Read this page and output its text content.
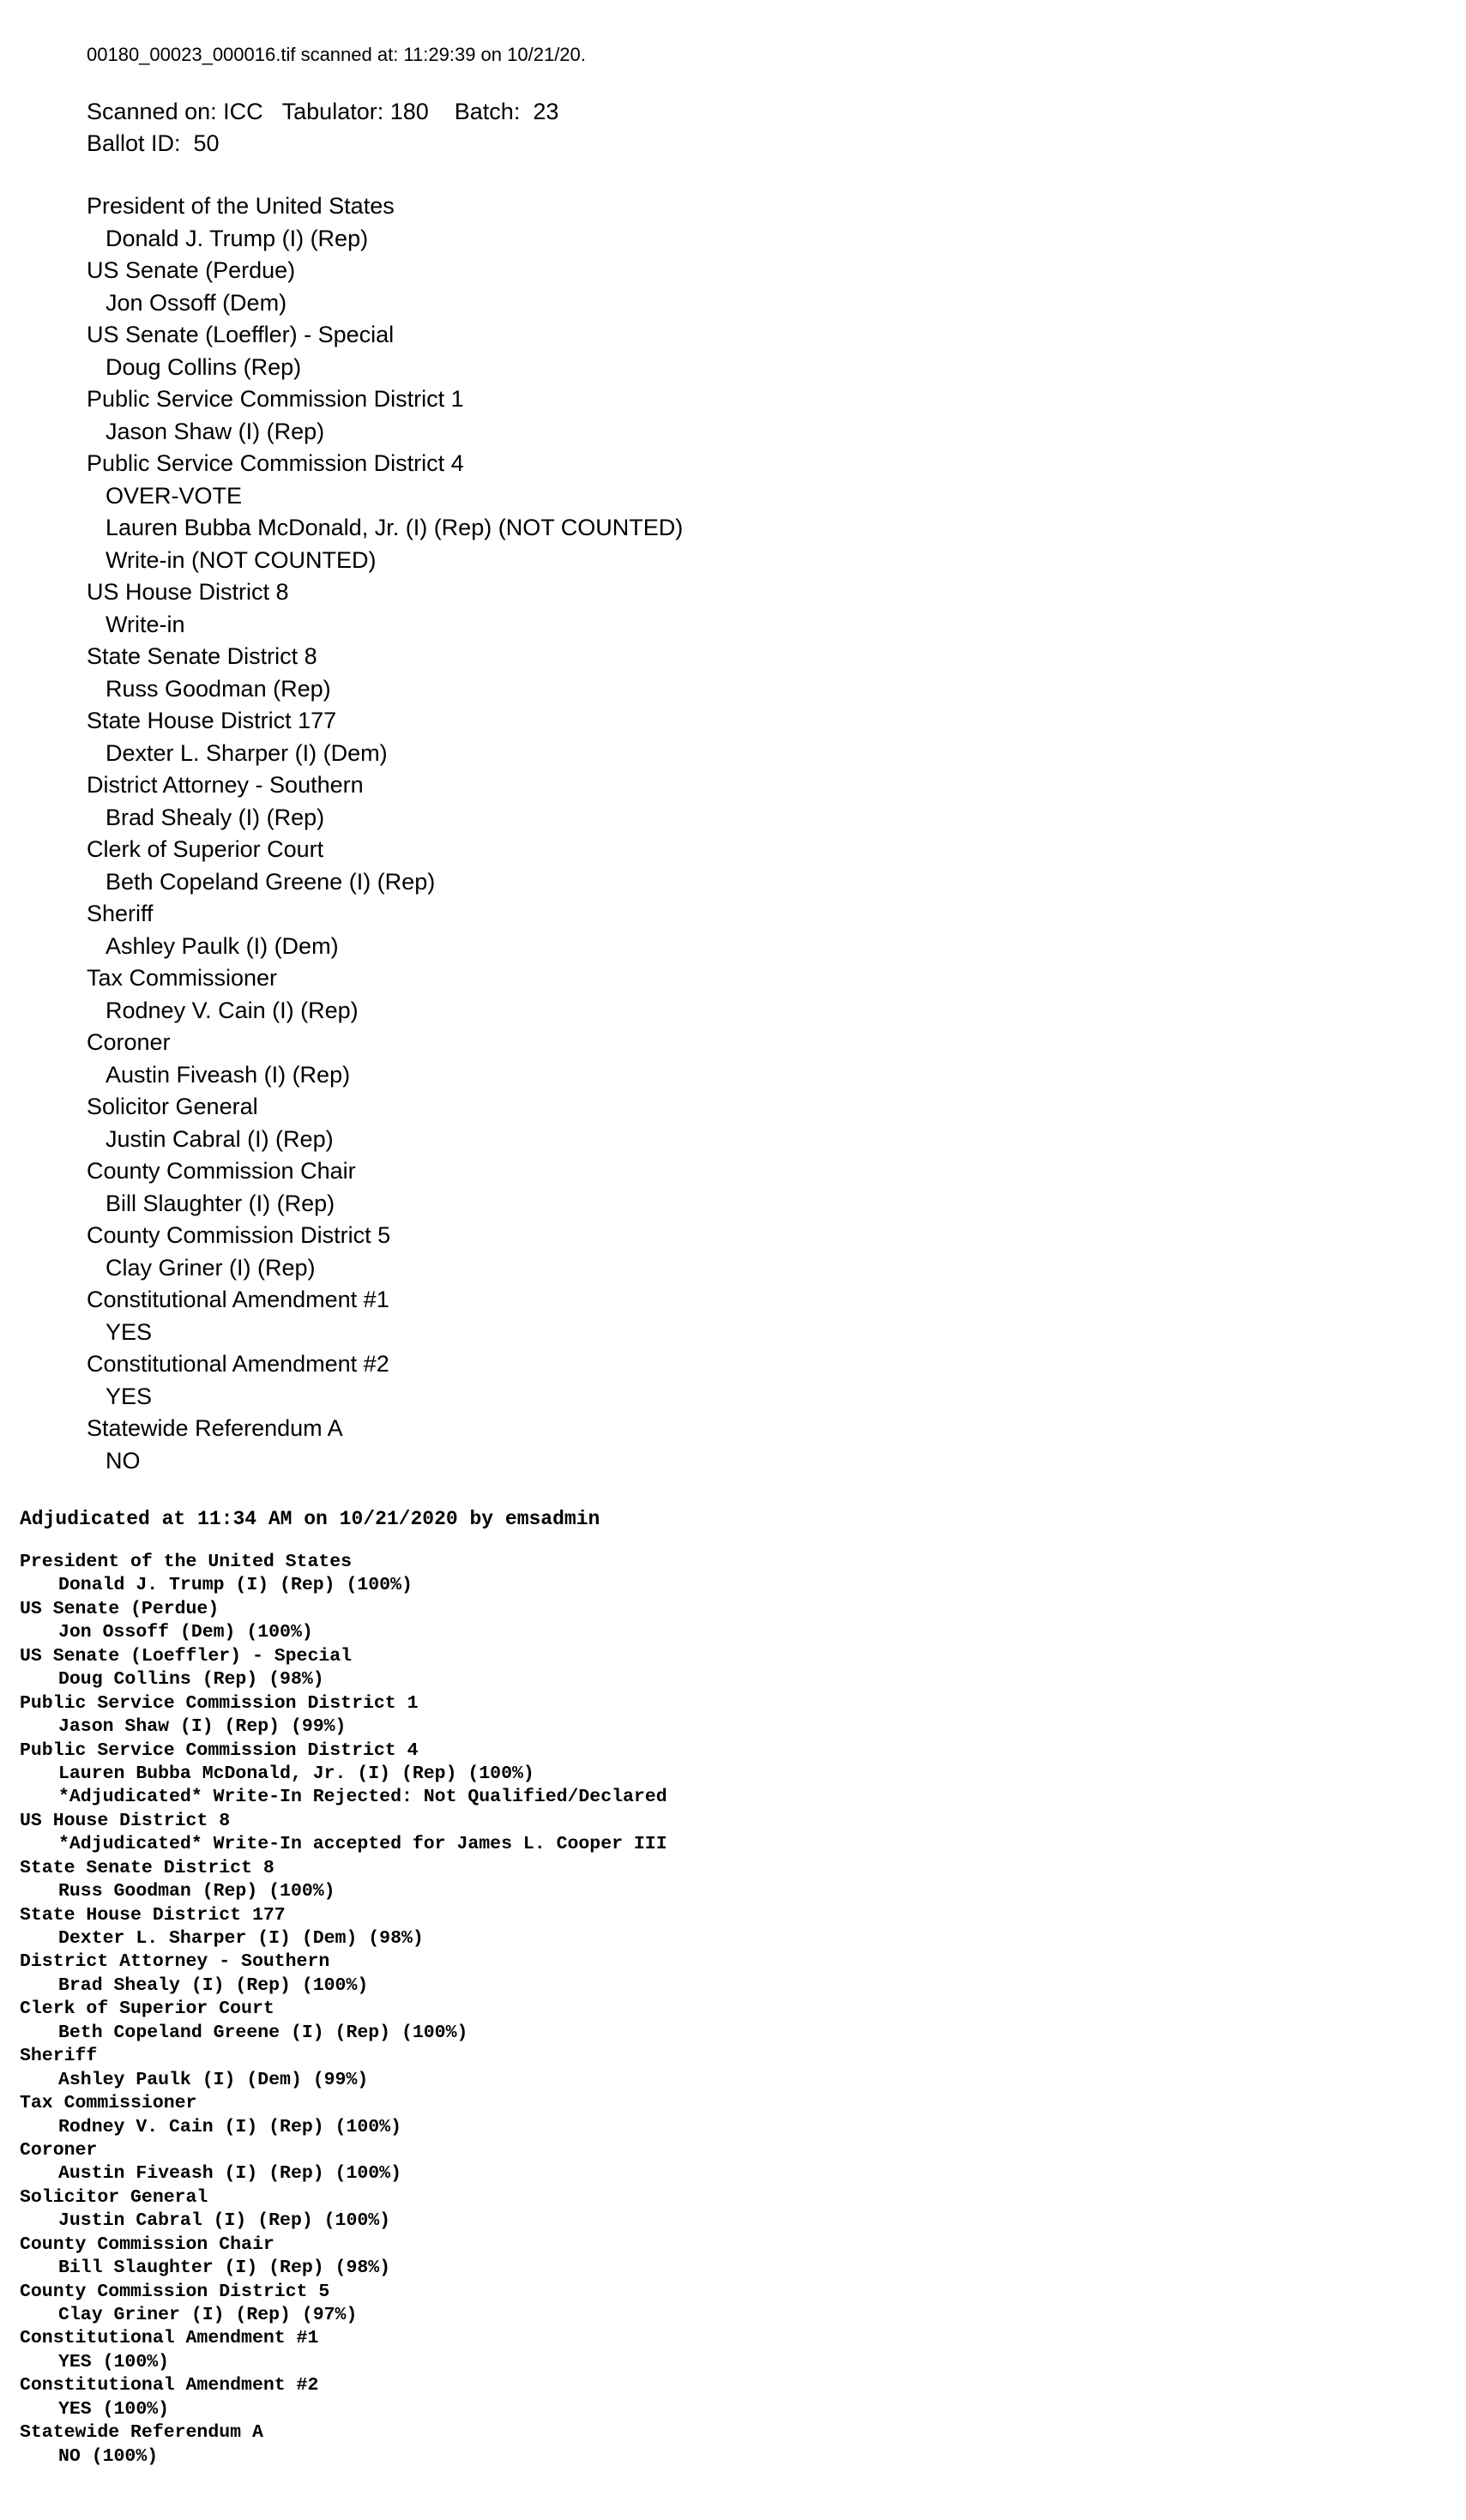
00180_00023_000016.tif scanned at: 11:29:39 on 10/21/20.
Scanned on: ICC   Tabulator: 180    Batch:  23
Ballot ID:  50
President of the United States
Donald J. Trump (I) (Rep)
US Senate (Perdue)
Jon Ossoff (Dem)
US Senate (Loeffler) - Special
Doug Collins (Rep)
Public Service Commission District 1
Jason Shaw (I) (Rep)
Public Service Commission District 4
OVER-VOTE
Lauren Bubba McDonald, Jr. (I) (Rep) (NOT COUNTED)
Write-in (NOT COUNTED)
US House District 8
Write-in
State Senate District 8
Russ Goodman (Rep)
State House District 177
Dexter L. Sharper (I) (Dem)
District Attorney - Southern
Brad Shealy (I) (Rep)
Clerk of Superior Court
Beth Copeland Greene (I) (Rep)
Sheriff
Ashley Paulk (I) (Dem)
Tax Commissioner
Rodney V. Cain (I) (Rep)
Coroner
Austin Fiveash (I) (Rep)
Solicitor General
Justin Cabral (I) (Rep)
County Commission Chair
Bill Slaughter (I) (Rep)
County Commission District 5
Clay Griner (I) (Rep)
Constitutional Amendment #1
YES
Constitutional Amendment #2
YES
Statewide Referendum A
NO
Adjudicated at 11:34 AM on 10/21/2020 by emsadmin
President of the United States
Donald J. Trump (I) (Rep) (100%)
US Senate (Perdue)
Jon Ossoff (Dem) (100%)
US Senate (Loeffler) - Special
Doug Collins (Rep) (98%)
Public Service Commission District 1
Jason Shaw (I) (Rep) (99%)
Public Service Commission District 4
Lauren Bubba McDonald, Jr. (I) (Rep) (100%)
*Adjudicated* Write-In Rejected: Not Qualified/Declared
US House District 8
*Adjudicated* Write-In accepted for James L. Cooper III
State Senate District 8
Russ Goodman (Rep) (100%)
State House District 177
Dexter L. Sharper (I) (Dem) (98%)
District Attorney - Southern
Brad Shealy (I) (Rep) (100%)
Clerk of Superior Court
Beth Copeland Greene (I) (Rep) (100%)
Sheriff
Ashley Paulk (I) (Dem) (99%)
Tax Commissioner
Rodney V. Cain (I) (Rep) (100%)
Coroner
Austin Fiveash (I) (Rep) (100%)
Solicitor General
Justin Cabral (I) (Rep) (100%)
County Commission Chair
Bill Slaughter (I) (Rep) (98%)
County Commission District 5
Clay Griner (I) (Rep) (97%)
Constitutional Amendment #1
YES (100%)
Constitutional Amendment #2
YES (100%)
Statewide Referendum A
NO (100%)
